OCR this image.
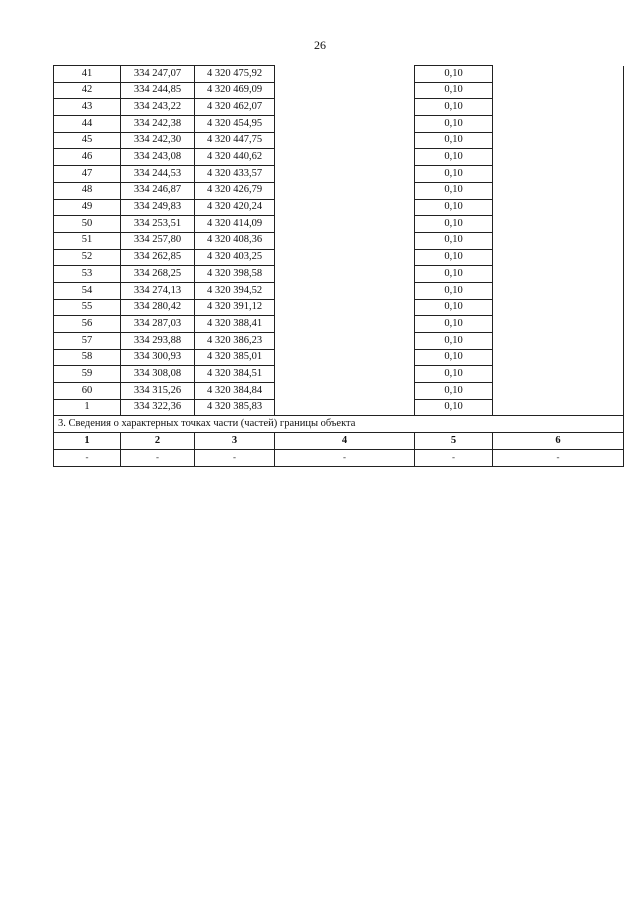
26
41	334 247,07	4 320 475,92		0,10	
42	334 244,85	4 320 469,09		0,10	
43	334 243,22	4 320 462,07		0,10	
44	334 242,38	4 320 454,95		0,10	
45	334 242,30	4 320 447,75		0,10	
46	334 243,08	4 320 440,62		0,10	
47	334 244,53	4 320 433,57		0,10	
48	334 246,87	4 320 426,79		0,10	
49	334 249,83	4 320 420,24		0,10	
50	334 253,51	4 320 414,09		0,10	
51	334 257,80	4 320 408,36		0,10	
52	334 262,85	4 320 403,25		0,10	
53	334 268,25	4 320 398,58		0,10	
54	334 274,13	4 320 394,52		0,10	
55	334 280,42	4 320 391,12		0,10	
56	334 287,03	4 320 388,41		0,10	
57	334 293,88	4 320 386,23		0,10	
58	334 300,93	4 320 385,01		0,10	
59	334 308,08	4 320 384,51		0,10	
60	334 315,26	4 320 384,84		0,10	
1	334 322,36	4 320 385,83		0,10	
3. Сведения о характерных точках части (частей) границы объекта					
1	2	3	4	5	6
-	-	-	-	-	-
